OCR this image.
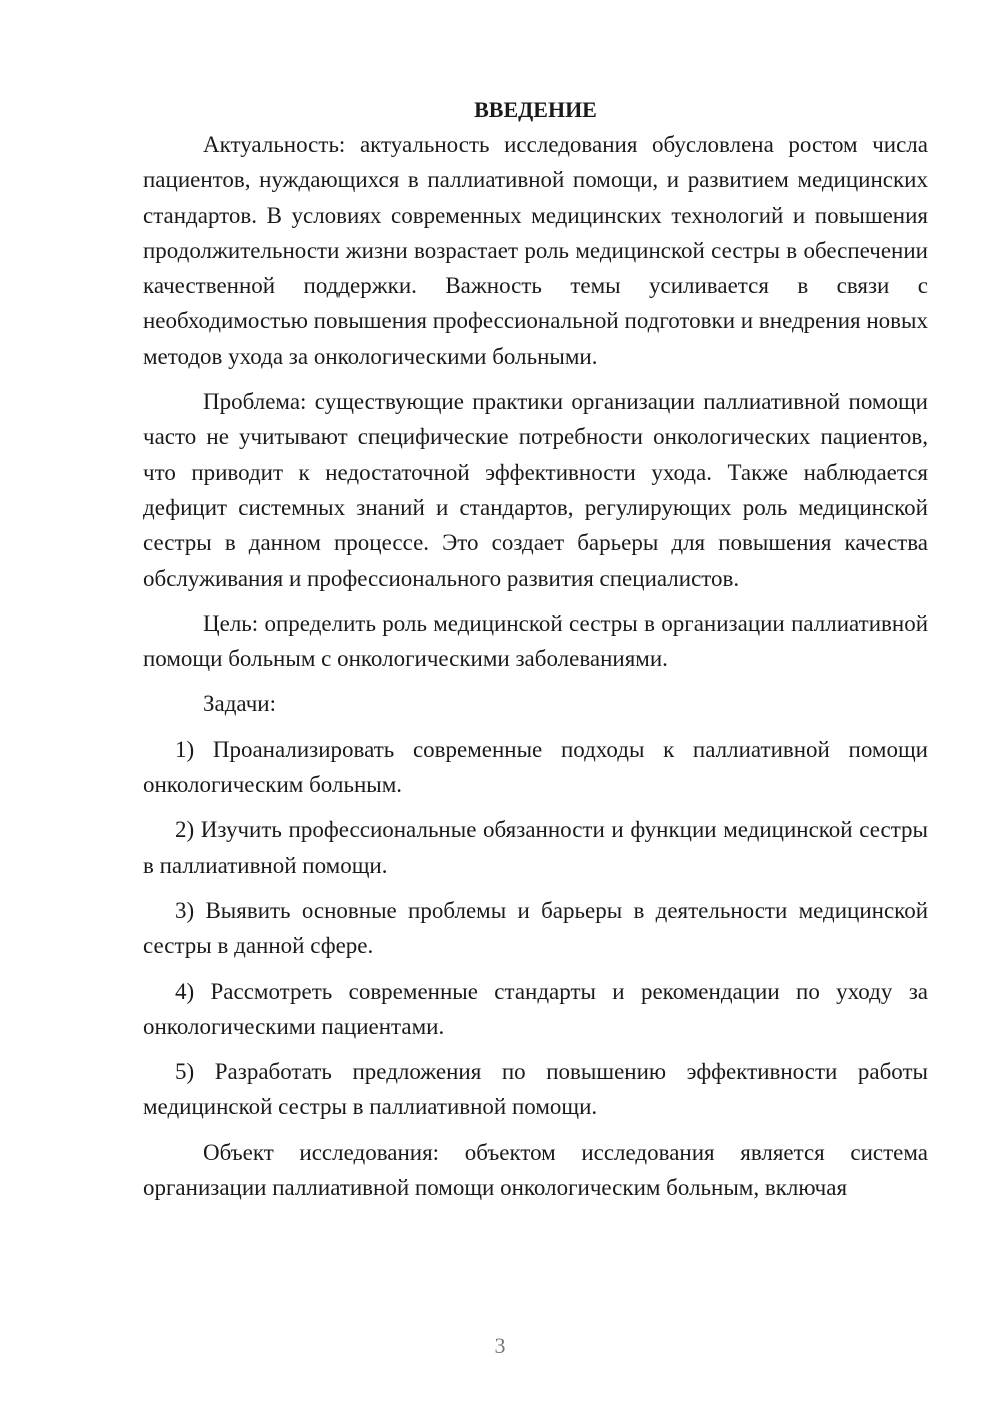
ВВЕДЕНИЕ

Актуальность: актуальность исследования обусловлена ростом числа пациентов, нуждающихся в паллиативной помощи, и развитием медицинских стандартов. В условиях современных медицинских технологий и повышения продолжительности жизни возрастает роль медицинской сестры в обеспечении качественной поддержки. Важность темы усиливается в связи с необходимостью повышения профессиональной подготовки и внедрения новых методов ухода за онкологическими больными.

Проблема: существующие практики организации паллиативной помощи часто не учитывают специфические потребности онкологических пациентов, что приводит к недостаточной эффективности ухода. Также наблюдается дефицит системных знаний и стандартов, регулирующих роль медицинской сестры в данном процессе. Это создает барьеры для повышения качества обслуживания и профессионального развития специалистов.

Цель: определить роль медицинской сестры в организации паллиативной помощи больным с онкологическими заболеваниями.

Задачи:

1) Проанализировать современные подходы к паллиативной помощи онкологическим больным.

2) Изучить профессиональные обязанности и функции медицинской сестры в паллиативной помощи.

3) Выявить основные проблемы и барьеры в деятельности медицинской сестры в данной сфере.

4) Рассмотреть современные стандарты и рекомендации по уходу за онкологическими пациентами.

5) Разработать предложения по повышению эффективности работы медицинской сестры в паллиативной помощи.

Объект исследования: объектом исследования является система организации паллиативной помощи онкологическим больным, включая

3
